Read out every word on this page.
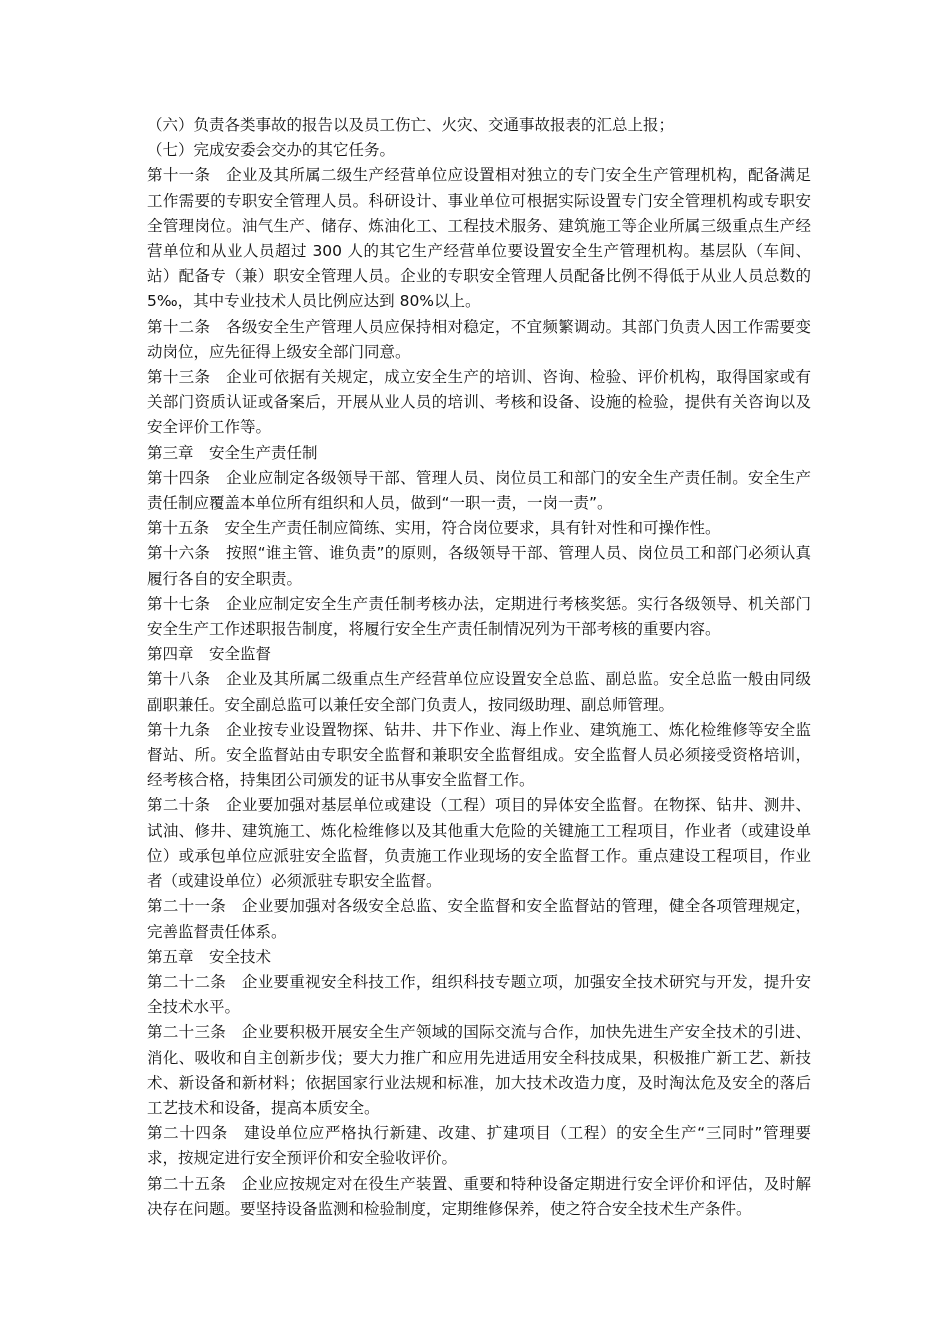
（六）负责各类事故的报告以及员工伤亡、火灾、交通事故报表的汇总上报；

（七）完成安委会交办的其它任务。

第十一条　企业及其所属二级生产经营单位应设置相对独立的专门安全生产管理机构，配备满足工作需要的专职安全管理人员。科研设计、事业单位可根据实际设置专门安全管理机构或专职安全管理岗位。油气生产、储存、炼油化工、工程技术服务、建筑施工等企业所属三级重点生产经营单位和从业人员超过 300 人的其它生产经营单位要设置安全生产管理机构。基层队（车间、站）配备专（兼）职安全管理人员。企业的专职安全管理人员配备比例不得低于从业人员总数的 5‰，其中专业技术人员比例应达到 80%以上。

第十二条　各级安全生产管理人员应保持相对稳定，不宜频繁调动。其部门负责人因工作需要变动岗位，应先征得上级安全部门同意。

第十三条　企业可依据有关规定，成立安全生产的培训、咨询、检验、评价机构，取得国家或有关部门资质认证或备案后，开展从业人员的培训、考核和设备、设施的检验，提供有关咨询以及安全评价工作等。

第三章　安全生产责任制

第十四条　企业应制定各级领导干部、管理人员、岗位员工和部门的安全生产责任制。安全生产责任制应覆盖本单位所有组织和人员，做到“一职一责，一岗一责”。

第十五条　安全生产责任制应简练、实用，符合岗位要求，具有针对性和可操作性。

第十六条　按照“谁主管、谁负责”的原则，各级领导干部、管理人员、岗位员工和部门必须认真履行各自的安全职责。

第十七条　企业应制定安全生产责任制考核办法，定期进行考核奖惩。实行各级领导、机关部门安全生产工作述职报告制度，将履行安全生产责任制情况列为干部考核的重要内容。

第四章　安全监督

第十八条　企业及其所属二级重点生产经营单位应设置安全总监、副总监。安全总监一般由同级副职兼任。安全副总监可以兼任安全部门负责人，按同级助理、副总师管理。

第十九条　企业按专业设置物探、钻井、井下作业、海上作业、建筑施工、炼化检维修等安全监督站、所。安全监督站由专职安全监督和兼职安全监督组成。安全监督人员必须接受资格培训，经考核合格，持集团公司颁发的证书从事安全监督工作。

第二十条　企业要加强对基层单位或建设（工程）项目的异体安全监督。在物探、钻井、测井、试油、修井、建筑施工、炼化检维修以及其他重大危险的关键施工工程项目，作业者（或建设单位）或承包单位应派驻安全监督，负责施工作业现场的安全监督工作。重点建设工程项目，作业者（或建设单位）必须派驻专职安全监督。

第二十一条　企业要加强对各级安全总监、安全监督和安全监督站的管理，健全各项管理规定，完善监督责任体系。

第五章　安全技术

第二十二条　企业要重视安全科技工作，组织科技专题立项，加强安全技术研究与开发，提升安全技术水平。

第二十三条　企业要积极开展安全生产领域的国际交流与合作，加快先进生产安全技术的引进、消化、吸收和自主创新步伐；要大力推广和应用先进适用安全科技成果，积极推广新工艺、新技术、新设备和新材料；依据国家行业法规和标准，加大技术改造力度，及时淘汰危及安全的落后工艺技术和设备，提高本质安全。

第二十四条　建设单位应严格执行新建、改建、扩建项目（工程）的安全生产“三同时”管理要求，按规定进行安全预评价和安全验收评价。

第二十五条　企业应按规定对在役生产装置、重要和特种设备定期进行安全评价和评估，及时解决存在问题。要坚持设备监测和检验制度，定期维修保养，使之符合安全技术生产条件。
